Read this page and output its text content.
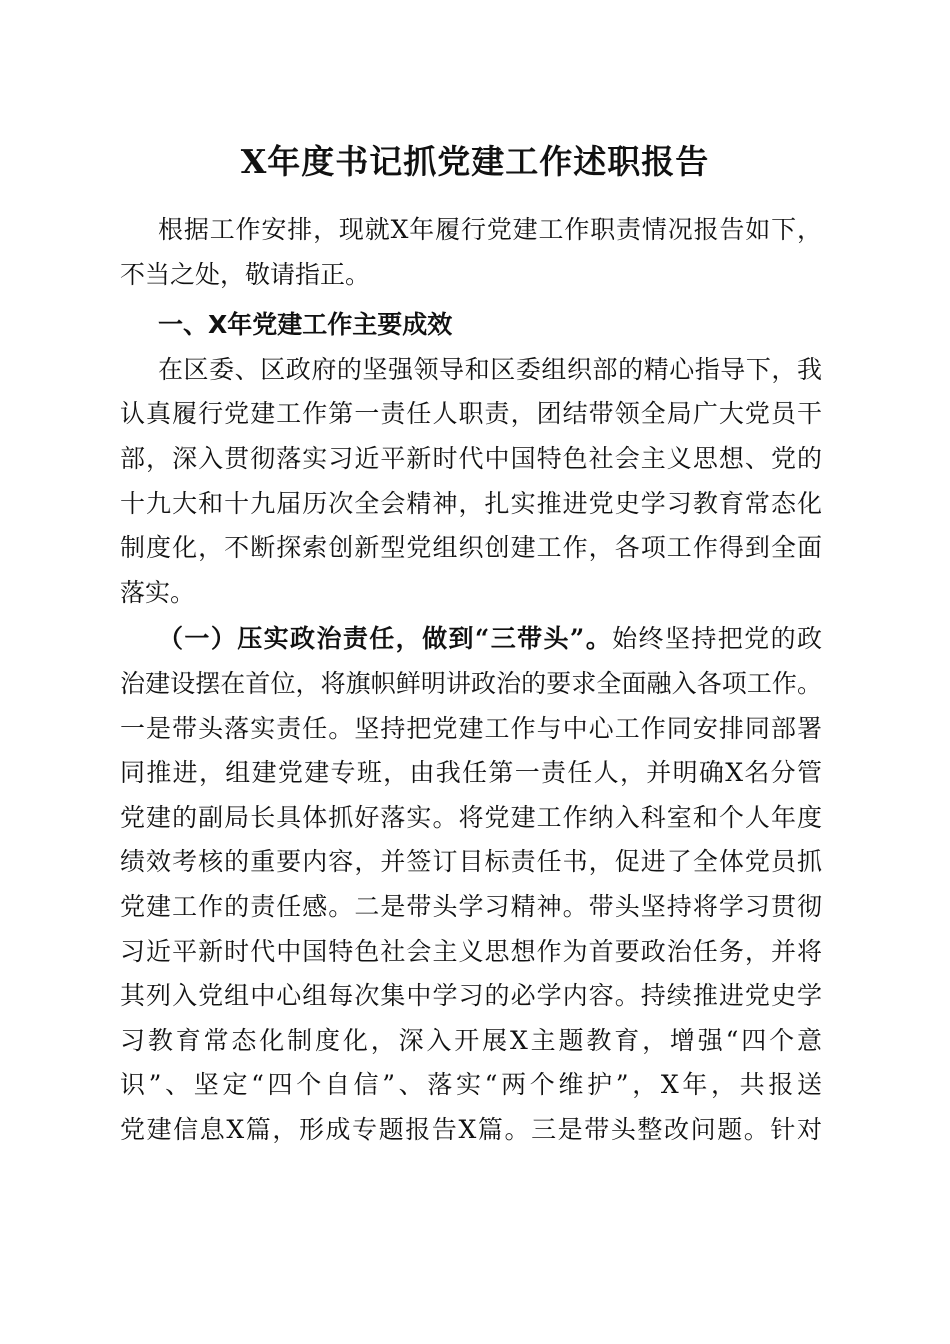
X年度书记抓党建工作述职报告
根据工作安排，现就X年履行党建工作职责情况报告如下，
不当之处，敬请指正。
一、X年党建工作主要成效
在区委、区政府的坚强领导和区委组织部的精心指导下，我
认真履行党建工作第一责任人职责，团结带领全局广大党员干
部，深入贯彻落实习近平新时代中国特色社会主义思想、党的
十九大和十九届历次全会精神，扎实推进党史学习教育常态化
制度化，不断探索创新型党组织创建工作，各项工作得到全面
落实。
（一）压实政治责任，做到“三带头”。始终坚持把党的政
治建设摆在首位，将旗帜鲜明讲政治的要求全面融入各项工作。
一是带头落实责任。坚持把党建工作与中心工作同安排同部署
同推进，组建党建专班，由我任第一责任人，并明确X名分管
党建的副局长具体抓好落实。将党建工作纳入科室和个人年度
绩效考核的重要内容，并签订目标责任书，促进了全体党员抓
党建工作的责任感。二是带头学习精神。带头坚持将学习贯彻
习近平新时代中国特色社会主义思想作为首要政治任务，并将
其列入党组中心组每次集中学习的必学内容。持续推进党史学
习教育常态化制度化，深入开展X主题教育，增强“四个意
识”、坚定“四个自信”、落实“两个维护”，X年，共报送
党建信息X篇，形成专题报告X篇。三是带头整改问题。针对
